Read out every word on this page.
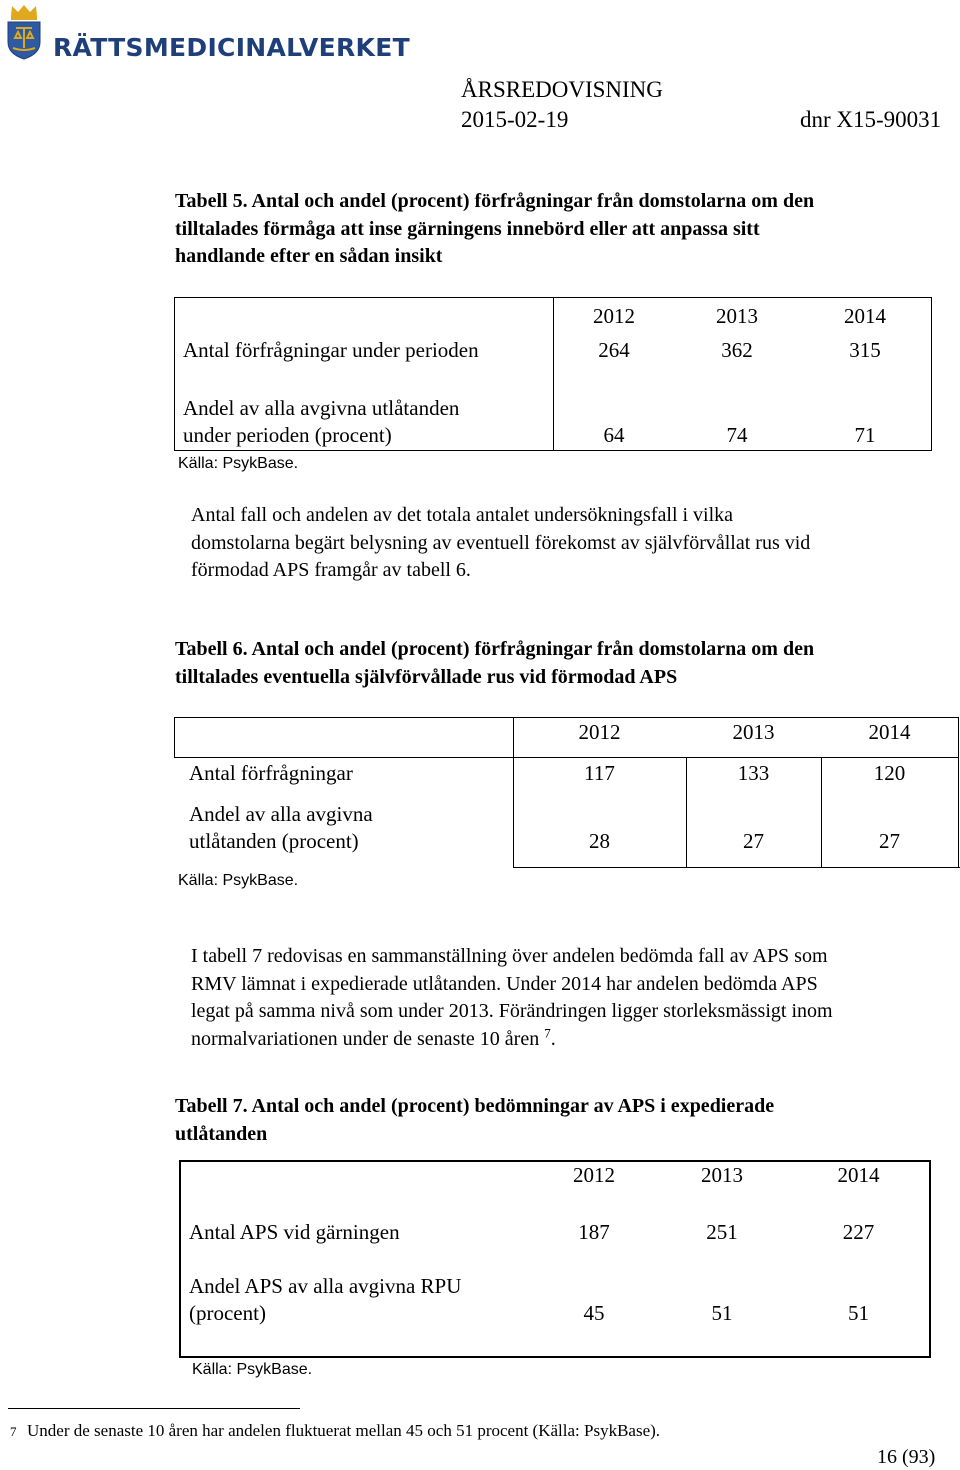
RÄTTSMEDICINALVERKET
ÅRSREDOVISNING
2015-02-19	dnr X15-90031
Tabell 5. Antal och andel (procent) förfrågningar från domstolarna om den
tilltalades förmåga att inse gärningens innebörd eller att anpassa sitt
handlande efter en sådan insikt
2012	2013	2014
Antal förfrågningar under perioden	264	362	315
Andel av alla avgivna utlåtanden
under perioden (procent)	64	74	71
Källa: PsykBase.
Antal fall och andelen av det totala antalet undersökningsfall i vilka
domstolarna begärt belysning av eventuell förekomst av självförvållat rus vid
förmodad APS framgår av tabell 6.
Tabell 6. Antal och andel (procent) förfrågningar från domstolarna om den
tilltalades eventuella självförvållade rus vid förmodad APS
2012	2013	2014
Antal förfrågningar	117	133	120
Andel av alla avgivna
utlåtanden (procent)	28	27	27
Källa: PsykBase.
I tabell 7 redovisas en sammanställning över andelen bedömda fall av APS som
RMV lämnat i expedierade utlåtanden. Under 2014 har andelen bedömda APS
legat på samma nivå som under 2013. Förändringen ligger storleksmässigt inom
normalvariationen under de senaste 10 åren $^7$.
Tabell 7. Antal och andel (procent) bedömningar av APS i expedierade
utlåtanden
2012	2013	2014
Antal APS vid gärningen	187	251	227
Andel APS av alla avgivna RPU
(procent)	45	51	51
Källa: PsykBase.
7 Under de senaste 10 åren har andelen fluktuerat mellan 45 och 51 procent (Källa: PsykBase).
16 (93)
